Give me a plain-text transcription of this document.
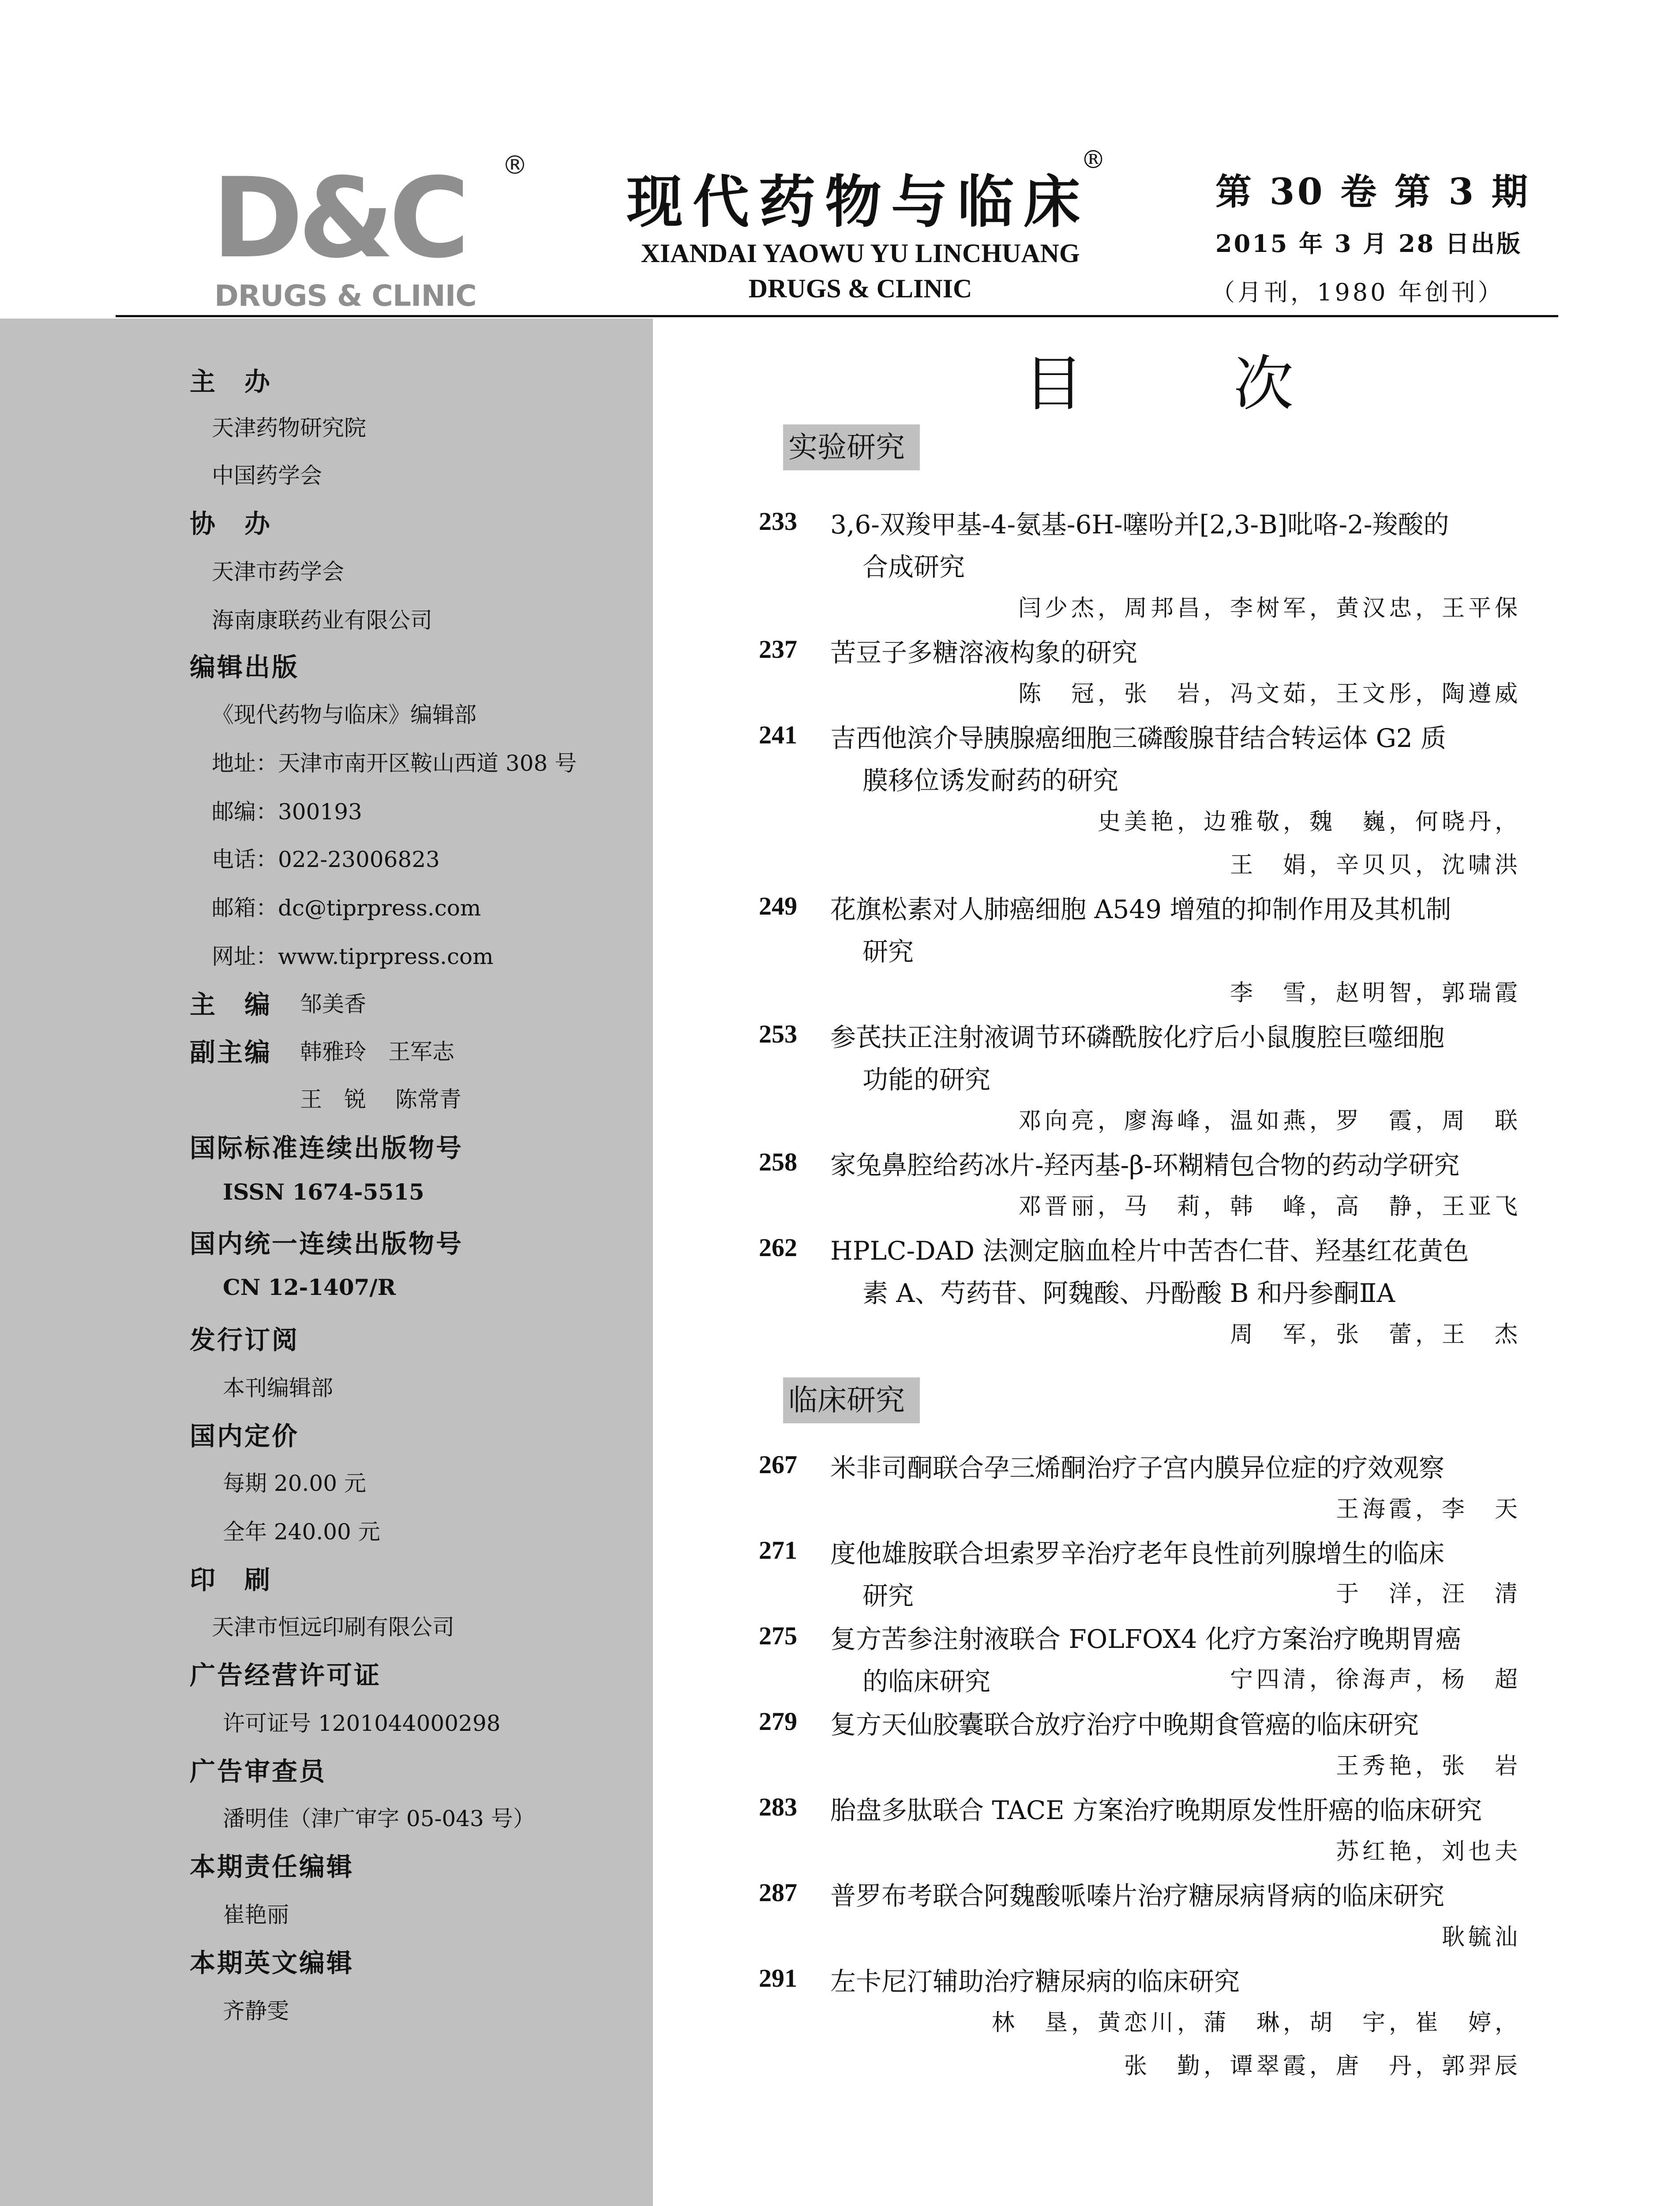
D&C
DRUGS & CLINIC
®
现代药物与临床
®
XIANDAI YAOWU YU LINCHUANG
DRUGS & CLINIC
第 30 卷 第 3 期
2015 年 3 月 28 日出版
（月刊，1980 年创刊）
主　办
天津药物研究院
中国药学会
协　办
天津市药学会
海南康联药业有限公司
编辑出版
《现代药物与临床》编辑部
地址：天津市南开区鞍山西道 308 号
邮编：300193
电话：022-23006823
邮箱：dc@tiprpress.com
网址：www.tiprpress.com
主　编 邹美香
副主编 韩雅玲　王军志
王　锐　 陈常青
国际标准连续出版物号
ISSN 1674-5515
国内统一连续出版物号
CN 12-1407/R
发行订阅
本刊编辑部
国内定价
每期 20.00 元
全年 240.00 元
印　刷
天津市恒远印刷有限公司
广告经营许可证
许可证号 1201044000298
广告审查员
潘明佳（津广审字 05-043 号）
本期责任编辑
崔艳丽
本期英文编辑
齐静雯
目次
实验研究
233	3,6-双羧甲基-4-氨基-6H-噻吩并[2,3-B]吡咯-2-羧酸的
合成研究
闫少杰，周邦昌，李树军，黄汉忠，王平保
237	苦豆子多糖溶液构象的研究
陈　冠，张　岩，冯文茹，王文彤，陶遵威
241	吉西他滨介导胰腺癌细胞三磷酸腺苷结合转运体 G2 质
膜移位诱发耐药的研究
史美艳，边雅敬，魏　巍，何晓丹，
王　娟，辛贝贝，沈啸洪
249	花旗松素对人肺癌细胞 A549 增殖的抑制作用及其机制
研究
李　雪，赵明智，郭瑞霞
253	参芪扶正注射液调节环磷酰胺化疗后小鼠腹腔巨噬细胞
功能的研究
邓向亮，廖海峰，温如燕，罗　霞，周　联
258	家兔鼻腔给药冰片-羟丙基-β-环糊精包合物的药动学研究
邓晋丽，马　莉，韩　峰，高　静，王亚飞
262	HPLC-DAD 法测定脑血栓片中苦杏仁苷、羟基红花黄色
素 A、芍药苷、阿魏酸、丹酚酸 B 和丹参酮ⅡA
周　军，张　蕾，王　杰
临床研究
267	米非司酮联合孕三烯酮治疗子宫内膜异位症的疗效观察
王海霞，李　天
271	度他雄胺联合坦索罗辛治疗老年良性前列腺增生的临床
研究	于　洋，汪　清
275	复方苦参注射液联合 FOLFOX4 化疗方案治疗晚期胃癌
的临床研究	宁四清，徐海声，杨　超
279	复方天仙胶囊联合放疗治疗中晚期食管癌的临床研究
王秀艳，张　岩
283	胎盘多肽联合 TACE 方案治疗晚期原发性肝癌的临床研究
苏红艳，刘也夫
287	普罗布考联合阿魏酸哌嗪片治疗糖尿病肾病的临床研究
耿毓汕
291	左卡尼汀辅助治疗糖尿病的临床研究
林　垦，黄恋川，蒲　琳，胡　宇，崔　婷，
张　勤，谭翠霞，唐　丹，郭羿辰
